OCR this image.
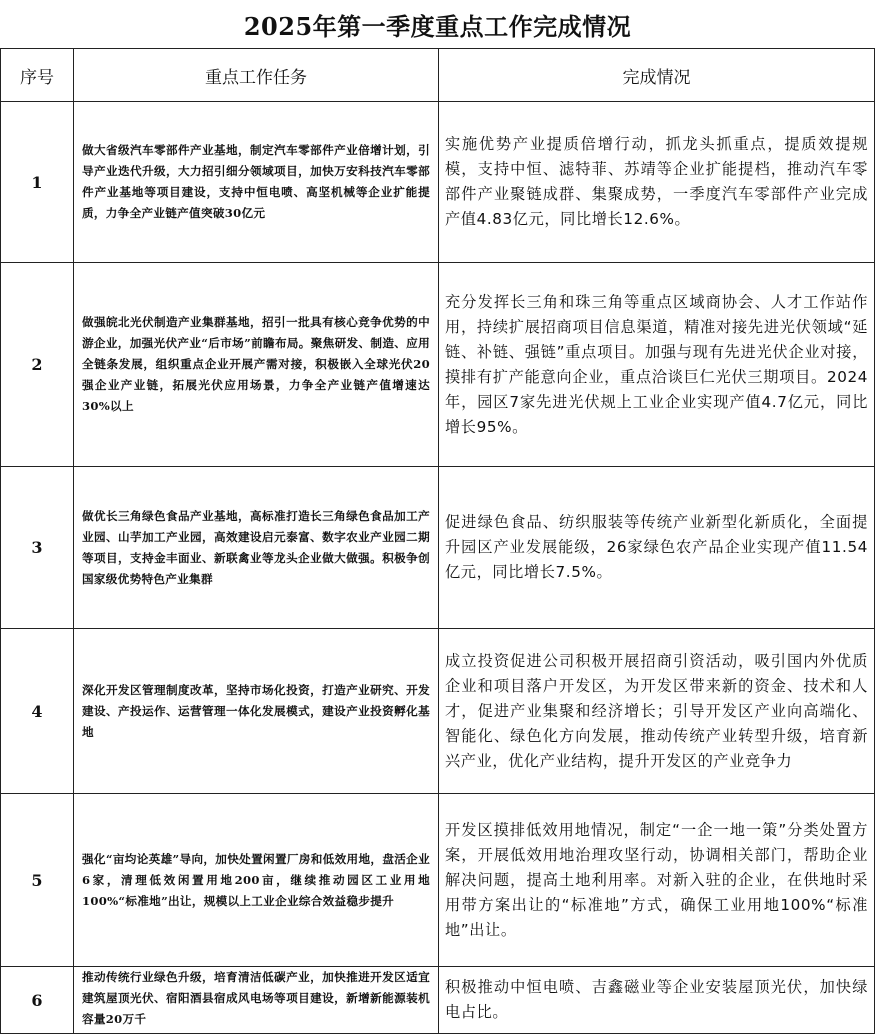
2025年第一季度重点工作完成情况
序号	重点工作任务	完成情况
1	做大省级汽车零部件产业基地，制定汽车零部件产业倍增计划，引导产业迭代升级，大力招引细分领域项目，加快万安科技汽车零部件产业基地等项目建设，支持中恒电喷、高坚机械等企业扩能提质，力争全产业链产值突破30亿元	实施优势产业提质倍增行动，抓龙头抓重点，提质效提规模，支持中恒、滤特菲、苏靖等企业扩能提档，推动汽车零部件产业聚链成群、集聚成势，一季度汽车零部件产业完成产值4.83亿元，同比增长12.6%。
2	做强皖北光伏制造产业集群基地，招引一批具有核心竞争优势的中游企业，加强光伏产业“后市场”前瞻布局。聚焦研发、制造、应用全链条发展，组织重点企业开展产需对接，积极嵌入全球光伏20强企业产业链，拓展光伏应用场景，力争全产业链产值增速达30%以上	充分发挥长三角和珠三角等重点区域商协会、人才工作站作用，持续扩展招商项目信息渠道，精准对接先进光伏领域“延链、补链、强链”重点项目。加强与现有先进光伏企业对接，摸排有扩产能意向企业，重点洽谈巨仁光伏三期项目。2024年，园区7家先进光伏规上工业企业实现产值4.7亿元，同比增长95%。
3	做优长三角绿色食品产业基地，高标准打造长三角绿色食品加工产业园、山芋加工产业园，高效建设启元泰富、数字农业产业园二期等项目，支持金丰面业、新联禽业等龙头企业做大做强。积极争创国家级优势特色产业集群	促进绿色食品、纺织服装等传统产业新型化新质化，全面提升园区产业发展能级，26家绿色农产品企业实现产值11.54亿元，同比增长7.5%。
4	深化开发区管理制度改革，坚持市场化投资，打造产业研究、开发建设、产投运作、运营管理一体化发展模式，建设产业投资孵化基地	成立投资促进公司积极开展招商引资活动，吸引国内外优质企业和项目落户开发区，为开发区带来新的资金、技术和人才，促进产业集聚和经济增长；引导开发区产业向高端化、智能化、绿色化方向发展，推动传统产业转型升级，培育新兴产业，优化产业结构，提升开发区的产业竞争力
5	强化“亩均论英雄”导向，加快处置闲置厂房和低效用地，盘活企业6家，清理低效闲置用地200亩，继续推动园区工业用地100%“标准地”出让，规模以上工业企业综合效益稳步提升	开发区摸排低效用地情况，制定“一企一地一策”分类处置方案，开展低效用地治理攻坚行动，协调相关部门，帮助企业解决问题，提高土地利用率。对新入驻的企业，在供地时采用带方案出让的“标准地”方式，确保工业用地100%“标准地”出让。
6	推动传统行业绿色升级，培育清洁低碳产业，加快推进开发区适宜建筑屋顶光伏、宿阳酒县宿成风电场等项目建设，新增新能源装机容量20万千	积极推动中恒电喷、吉鑫磁业等企业安装屋顶光伏，加快绿电占比。
